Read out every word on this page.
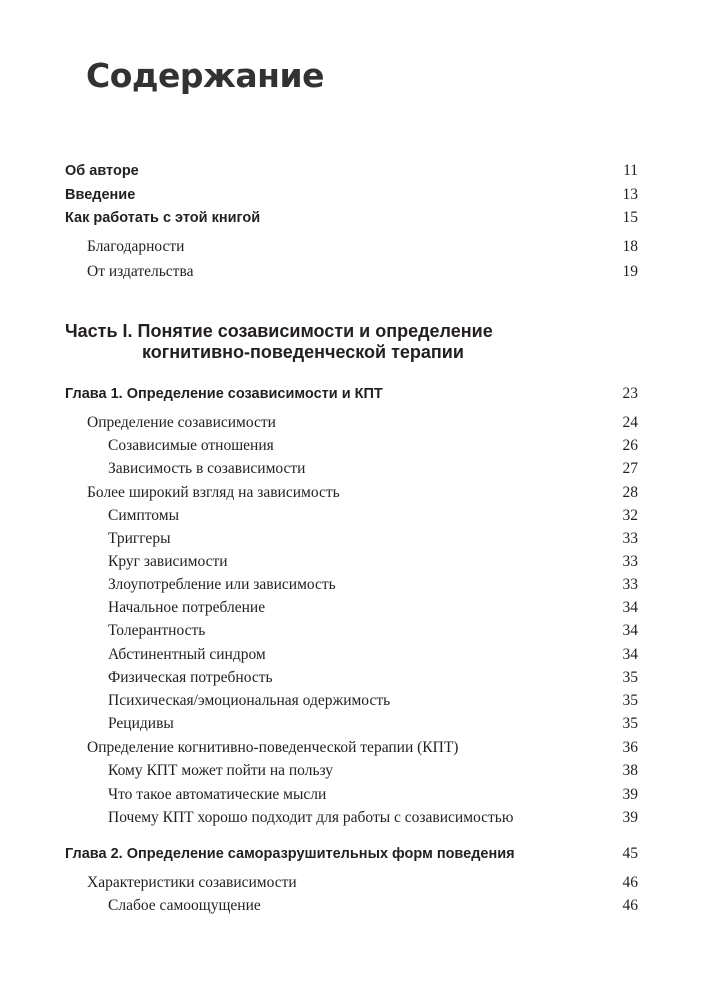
Содержание
Об авторе	11
Введение	13
Как работать с этой книгой	15
Благодарности	18
От издательства	19
Глава 1. Определение созависимости и КПТ	23
Определение созависимости	24
Созависимые отношения	26
Зависимость в созависимости	27
Более широкий взгляд на зависимость	28
Симптомы	32
Триггеры	33
Круг зависимости	33
Злоупотребление или зависимость	33
Начальное потребление	34
Толерантность	34
Абстинентный синдром	34
Физическая потребность	35
Психическая/эмоциональная одержимость	35
Рецидивы	35
Определение когнитивно-поведенческой терапии (КПТ)	36
Кому КПТ может пойти на пользу	38
Что такое автоматические мысли	39
Почему КПТ хорошо подходит для работы с созависимостью	39
Глава 2. Определение саморазрушительных форм поведения	45
Характеристики созависимости	46
Слабое самоощущение	46
Часть I. Понятие созависимости и определение
когнитивно-поведенческой терапии
